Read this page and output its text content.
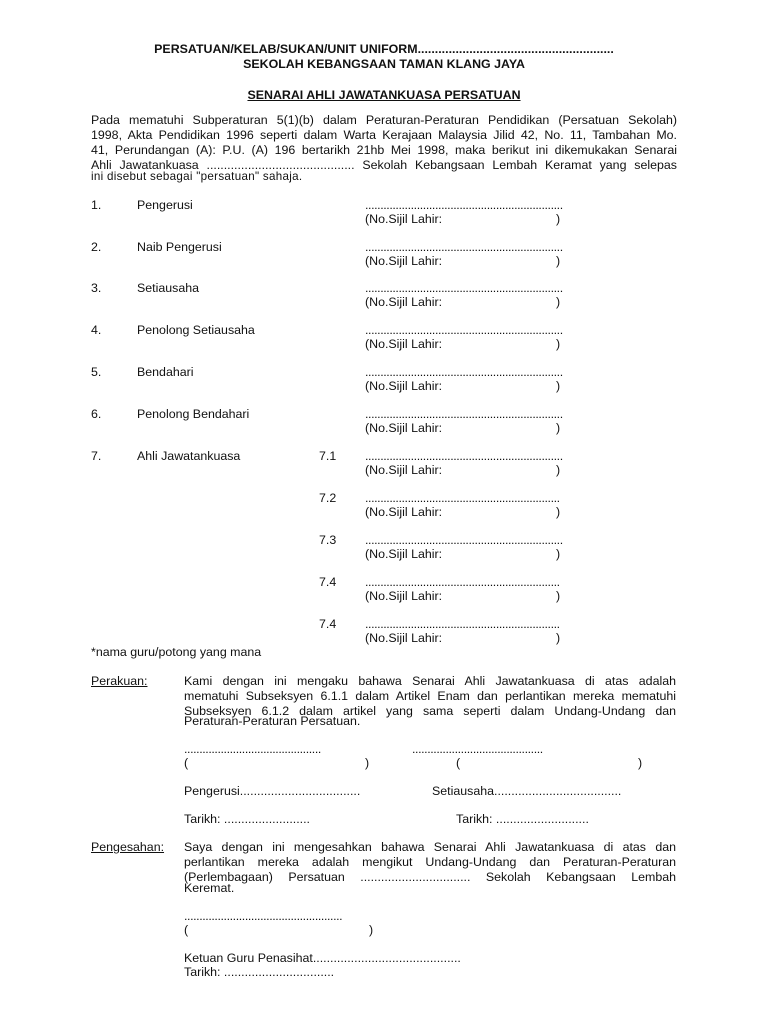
PERSATUAN/KELAB/SUKAN/UNIT UNIFORM.........................................................
SEKOLAH KEBANGSAAN TAMAN KLANG JAYA
SENARAI AHLI JAWATANKUASA PERSATUAN
Pada mematuhi Subperaturan 5(1)(b) dalam Peraturan-Peraturan Pendidikan (Persatuan Sekolah)
1998, Akta Pendidikan 1996 seperti dalam Warta Kerajaan Malaysia Jilid 42, No. 11, Tambahan Mo.
41, Perundangan (A): P.U. (A) 196 bertarikh 21hb Mei 1998, maka berikut ini dikemukakan Senarai
Ahli Jawatankuasa ........................................... Sekolah Kebangsaan Lembah Keramat yang selepas
ini disebut sebagai "persatuan" sahaja.
1.	Pengerusi	.................................................................
(No.Sijil Lahir:	)
2.	Naib Pengerusi	.................................................................
(No.Sijil Lahir:	)
3.	Setiausaha	.................................................................
(No.Sijil Lahir:	)
4.	Penolong Setiausaha	.................................................................
(No.Sijil Lahir:	)
5.	Bendahari	.................................................................
(No.Sijil Lahir:	)
6.	Penolong Bendahari	.................................................................
(No.Sijil Lahir:	)
7.	Ahli Jawatankuasa	7.1 .................................................................
(No.Sijil Lahir:	)
7.2 ................................................................
(No.Sijil Lahir:	)
7.3 .................................................................
(No.Sijil Lahir:	)
7.4 ................................................................
(No.Sijil Lahir:	)
7.4 ................................................................
(No.Sijil Lahir:	)
*nama guru/potong yang mana
Perakuan:	Kami dengan ini mengaku bahawa Senarai Ahli Jawatankuasa di atas adalah
mematuhi Subseksyen 6.1.1 dalam Artikel Enam dan perlantikan mereka mematuhi
Subseksyen 6.1.2 dalam artikel yang sama seperti dalam Undang-Undang dan
Peraturan-Peraturan Persatuan.
.............................................	...........................................
(	)	(	)
Pengerusi...................................	Setiausaha.....................................
Tarikh: .........................	Tarikh: ...........................
Pengesahan: Saya dengan ini mengesahkan bahawa Senarai Ahli Jawatankuasa di atas dan
perlantikan mereka adalah mengikut Undang-Undang dan Peraturan-Peraturan
(Perlembagaan) Persatuan ................................ Sekolah Kebangsaan Lembah
Keremat.
....................................................
(	)
Ketuan Guru Penasihat...........................................
Tarikh: ................................
